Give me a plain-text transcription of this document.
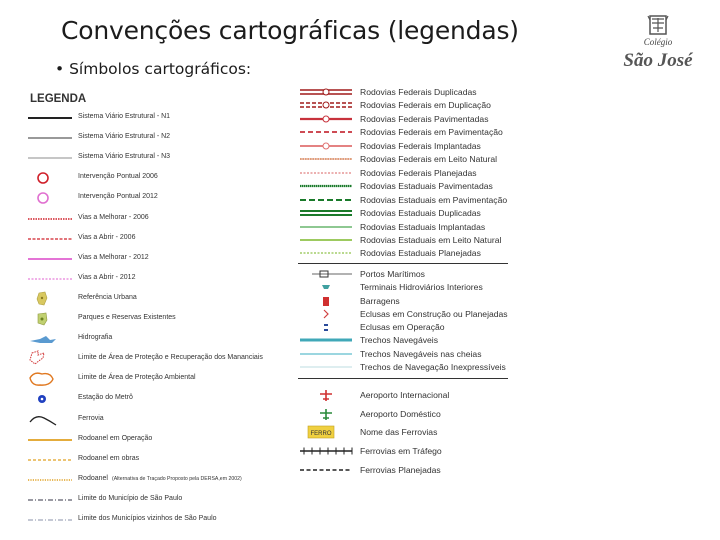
Convenções cartográficas (legendas)
• Símbolos cartográficos:
Colégio
São José
LEGENDA
Sistema Viário Estrutural - N1
Sistema Viário Estrutural - N2
Sistema Viário Estrutural - N3
Intervenção Pontual 2006
Intervenção Pontual 2012
Vias a Melhorar - 2006
Vias a Abrir - 2006
Vias a Melhorar - 2012
Vias a Abrir - 2012
Referência Urbana
Parques e Reservas Existentes
Hidrografia
Limite de Área de Proteção e Recuperação dos Mananciais
Limite de Área de Proteção Ambiental
Estação do Metrô
Ferrovia
Rodoanel em Operação
Rodoanel em obras
Rodoanel (Alternativa de Traçado Proposto pela DERSA,em 2002)
Limite do Município de São Paulo
Limite dos Municípios vizinhos de São Paulo
Rodovias Federais Duplicadas
Rodovias Federais em Duplicação
Rodovias Federais Pavimentadas
Rodovias Federais em Pavimentação
Rodovias Federais Implantadas
Rodovias Federais em Leito Natural
Rodovias Federais Planejadas
Rodovias Estaduais Pavimentadas
Rodovias Estaduais em Pavimentação
Rodovias Estaduais Duplicadas
Rodovias Estaduais Implantadas
Rodovias Estaduais em Leito Natural
Rodovias Estaduais Planejadas
Portos Marítimos
Terminais Hidroviários Interiores
Barragens
Eclusas em Construção ou Planejadas
Eclusas em Operação
Trechos Navegáveis
Trechos Navegáveis nas cheias
Trechos de Navegação Inexpressíveis
Aeroporto Internacional
Aeroporto Doméstico
FERRO	Nome das Ferrovias
Ferrovias em Tráfego
Ferrovias Planejadas
